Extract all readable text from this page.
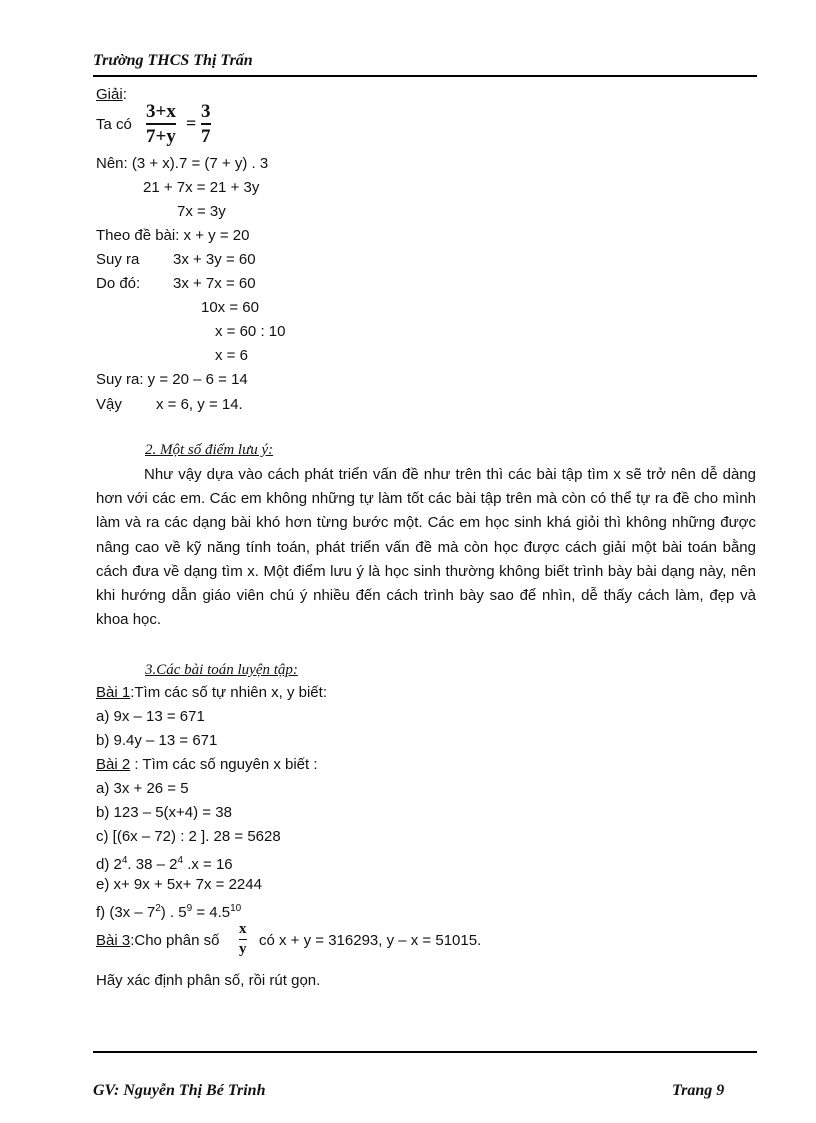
Trường THCS Thị Trấn
Giải:
Ta có
3+x
7+y
=
3
7
Nên: (3 + x).7 = (7 + y) . 3
21 + 7x = 21 + 3y
7x = 3y
Theo đề bài: x + y = 20
Suy ra 3x + 3y = 60
Do đó: 3x + 7x = 60
10x = 60
x = 60 : 10
x = 6
Suy ra: y = 20 – 6 = 14
Vậy x = 6, y = 14.
2. Một số điểm lưu ý:
Như vậy dựa vào cách phát triển vấn đề như trên thì các bài tập tìm x sẽ trở nên dễ dàng hơn với các em. Các em không những tự làm tốt các bài tập trên mà còn có thể tự ra đề cho mình làm và ra các dạng bài khó hơn từng bước một. Các em học sinh khá giỏi thì không những được nâng cao về kỹ năng tính toán, phát triển vấn đề mà còn học được cách giải một bài toán bằng cách đưa về dạng tìm x. Một điểm lưu ý là học sinh thường không biết trình bày bài dạng này, nên khi hướng dẫn giáo viên chú ý nhiều đến cách trình bày sao để nhìn, dễ thấy cách làm, đẹp và khoa học.
3.Các bài toán luyện tập:
Bài 1:Tìm các số tự nhiên x, y biết:
a) 9x – 13 = 671
b) 9.4y – 13 = 671
Bài 2 : Tìm các số nguyên x biết :
a) 3x + 26 = 5
b) 123 – 5(x+4) = 38
c) [(6x – 72) : 2 ]. 28 = 5628
d) $2^4$. $38 - 2^4$ .x = 16
e) x+ 9x + 5x+ 7x = 2244
f) $(3x - 7^2)$ . $5^9 = 4.5^{10}$
Bài 3:Cho phân số
x
y có x + y = 316293, y – x = 51015.
Hãy xác định phân số, rồi rút gọn.
GV: Nguyễn Thị Bé Trinh	Trang 9
